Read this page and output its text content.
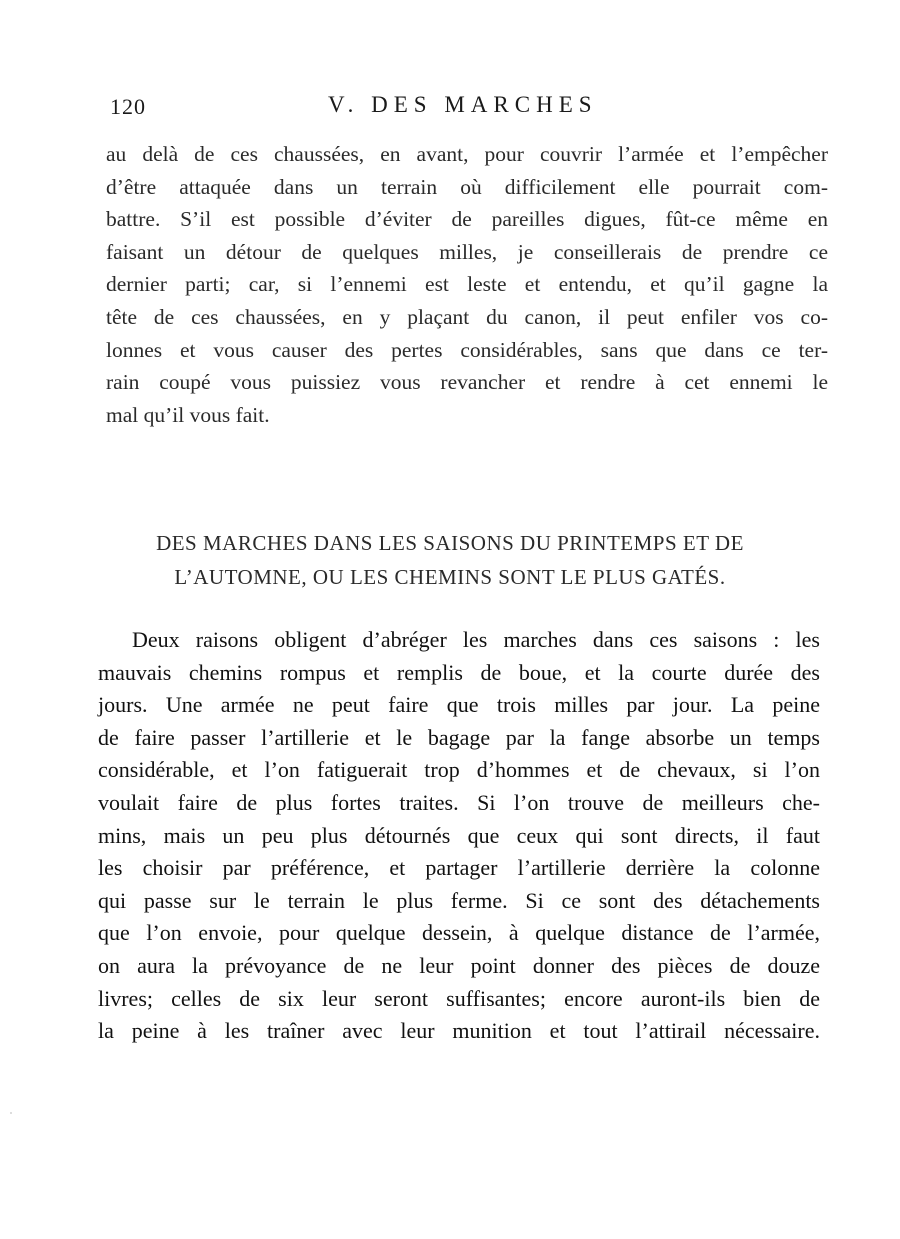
120	V. DES MARCHES
au delà de ces chaussées, en avant, pour couvrir l’armée et l’empêcher
d’être attaquée dans un terrain où difficilement elle pourrait com-
battre. S’il est possible d’éviter de pareilles digues, fût-ce même en
faisant un détour de quelques milles, je conseillerais de prendre ce
dernier parti; car, si l’ennemi est leste et entendu, et qu’il gagne la
tête de ces chaussées, en y plaçant du canon, il peut enfiler vos co-
lonnes et vous causer des pertes considérables, sans que dans ce ter-
rain coupé vous puissiez vous revancher et rendre à cet ennemi le
mal qu’il vous fait.
DES MARCHES DANS LES SAISONS DU PRINTEMPS ET DE
L’AUTOMNE, OU LES CHEMINS SONT LE PLUS GATÉS.
Deux raisons obligent d’abréger les marches dans ces saisons : les
mauvais chemins rompus et remplis de boue, et la courte durée des
jours. Une armée ne peut faire que trois milles par jour. La peine
de faire passer l’artillerie et le bagage par la fange absorbe un temps
considérable, et l’on fatiguerait trop d’hommes et de chevaux, si l’on
voulait faire de plus fortes traites. Si l’on trouve de meilleurs che-
mins, mais un peu plus détournés que ceux qui sont directs, il faut
les choisir par préférence, et partager l’artillerie derrière la colonne
qui passe sur le terrain le plus ferme. Si ce sont des détachements
que l’on envoie, pour quelque dessein, à quelque distance de l’armée,
on aura la prévoyance de ne leur point donner des pièces de douze
livres; celles de six leur seront suffisantes; encore auront-ils bien de
la peine à les traîner avec leur munition et tout l’attirail nécessaire.
